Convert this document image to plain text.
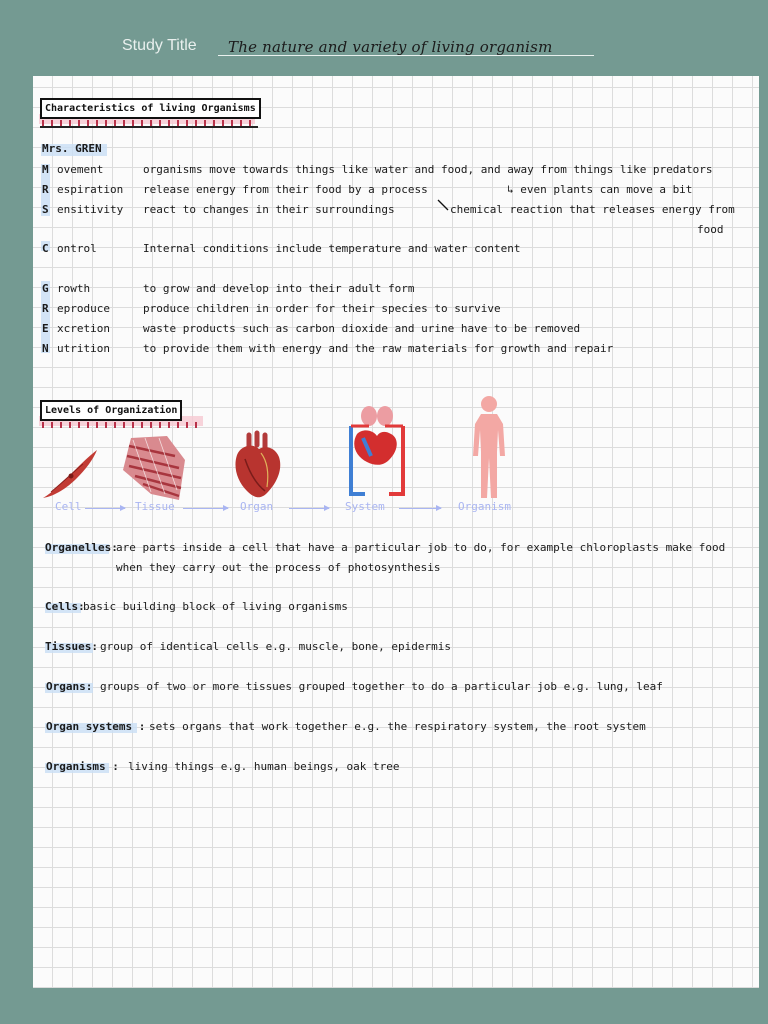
Study Title The nature and variety of living organism
Characteristics of living Organisms
Mrs. GREN
M ovement	organisms move towards things like water and food, and away from things like predators
R espiration release energy from their food by a process	↳ even plants can move a bit
S ensitivity react to changes in their surroundings	chemical reaction that releases energy from
food
C ontrol	Internal conditions include temperature and water content
G rowth	to grow and develop into their adult form
R eproduce	produce children in order for their species to survive
E xcretion	waste products such as carbon dioxide and urine have to be removed
N utrition	to provide them with energy and the raw materials for growth and repair
Levels of Organization
Cell	Tissue	Organ	System	Organism
Organelles:
are parts inside a cell that have a particular job to do, for example chloroplasts make food
when they carry out the process of photosynthesis
Cells:
basic building block of living organisms
Tissues: group of identical cells e.g. muscle, bone, epidermis
Organs: groups of two or more tissues grouped together to do a particular job e.g. lung, leaf
Organ systems : sets organs that work together e.g. the respiratory system, the root system
Organisms : living things e.g. human beings, oak tree
